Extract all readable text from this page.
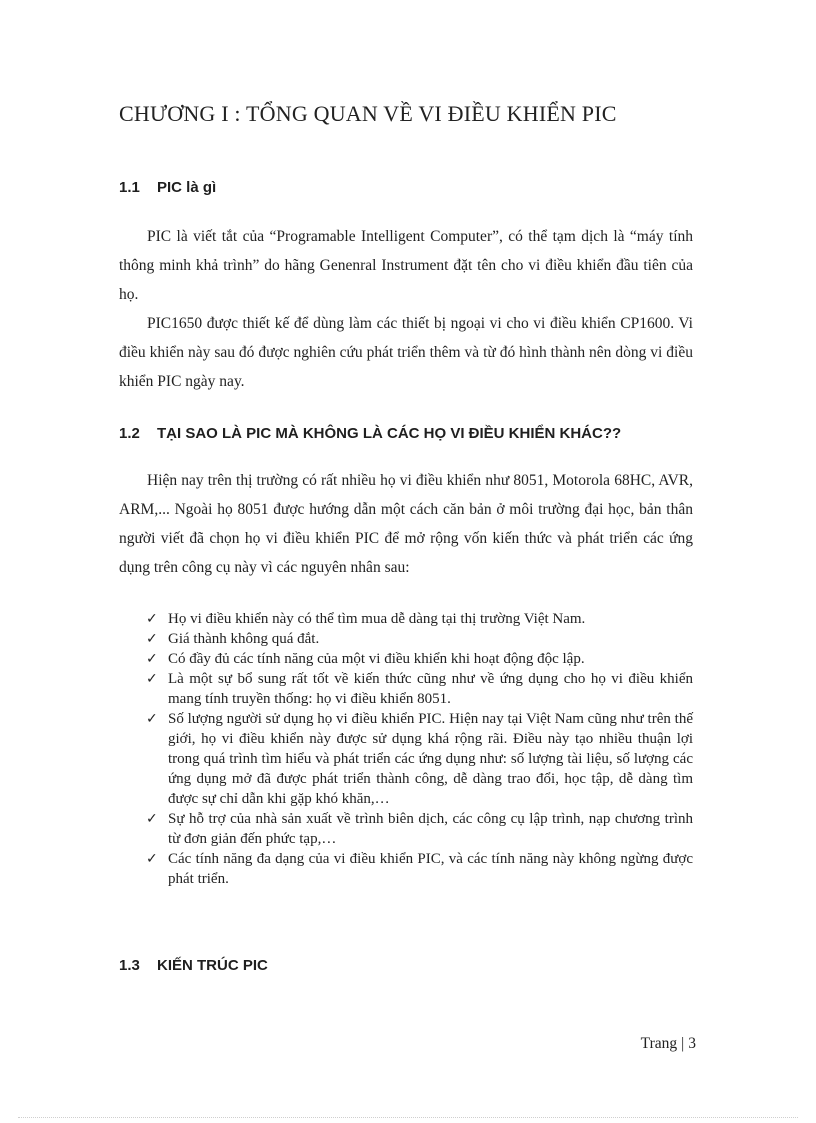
CHƯƠNG I : TỔNG QUAN VỀ VI ĐIỀU KHIỂN PIC
1.1 PIC là gì

PIC là viết tắt của “Programable Intelligent Computer”, có thể tạm dịch là “máy tính thông minh khả trình” do hãng Genenral Instrument đặt tên cho vi điều khiển đầu tiên của họ.

PIC1650 được thiết kế để dùng làm các thiết bị ngoại vi cho vi điều khiển CP1600. Vi điều khiển này sau đó được nghiên cứu phát triển thêm và từ đó hình thành nên dòng vi điều khiển PIC ngày nay.

1.2 TẠI SAO LÀ PIC MÀ KHÔNG LÀ CÁC HỌ VI ĐIỀU KHIỂN KHÁC??

Hiện nay trên thị trường có rất nhiều họ vi điều khiển như 8051, Motorola 68HC, AVR, ARM,... Ngoài họ 8051 được hướng dẫn một cách căn bản ở môi trường đại học, bản thân người viết đã chọn họ vi điều khiển PIC để mở rộng vốn kiến thức và phát triển các ứng dụng trên công cụ này vì các nguyên nhân sau:

✓ Họ vi điều khiển này có thể tìm mua dễ dàng tại thị trường Việt Nam.
✓ Giá thành không quá đắt.
✓ Có đầy đủ các tính năng của một vi điều khiển khi hoạt động độc lập.
✓ Là một sự bổ sung rất tốt về kiến thức cũng như về ứng dụng cho họ vi điều khiển mang tính truyền thống: họ vi điều khiển 8051.
✓ Số lượng người sử dụng họ vi điều khiển PIC. Hiện nay tại Việt Nam cũng như trên thế giới, họ vi điều khiển này được sử dụng khá rộng rãi. Điều này tạo nhiều thuận lợi trong quá trình tìm hiểu và phát triển các ứng dụng như: số lượng tài liệu, số lượng các ứng dụng mở đã được phát triển thành công, dễ dàng trao đổi, học tập, dễ dàng tìm được sự chỉ dẫn khi gặp khó khăn,…
✓ Sự hỗ trợ của nhà sản xuất về trình biên dịch, các công cụ lập trình, nạp chương trình từ đơn giản đến phức tạp,…
✓ Các tính năng đa dạng của vi điều khiển PIC, và các tính năng này không ngừng được phát triển.
1.3 KIẾN TRÚC PIC
Trang | 3
